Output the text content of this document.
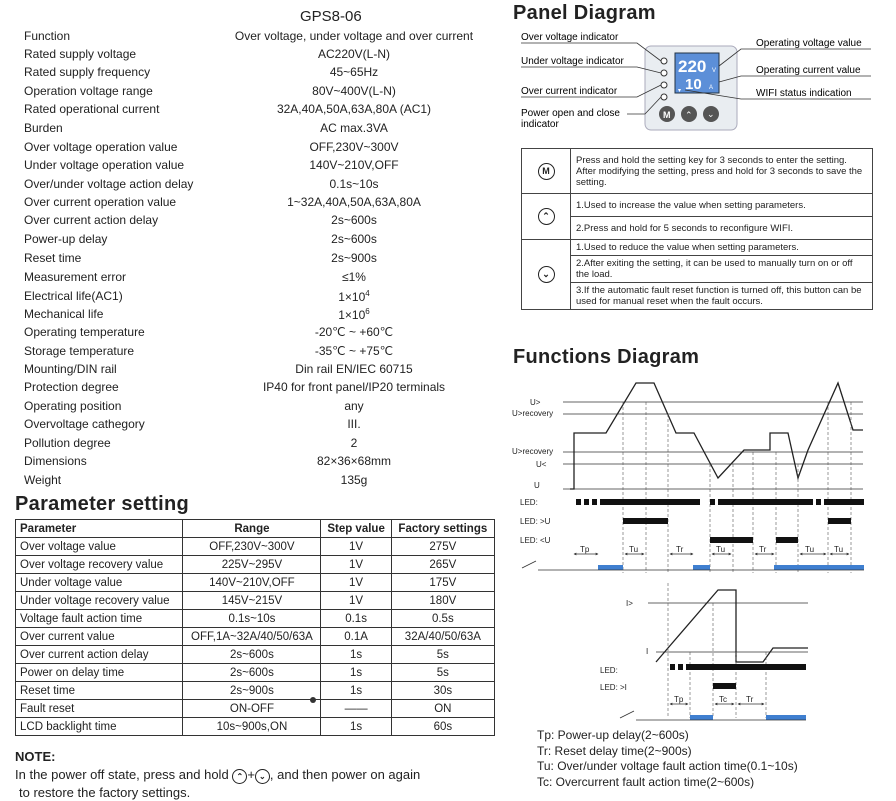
GPS8-06
Function	Over voltage, under voltage and over current
Rated supply voltage	AC220V(L-N)
Rated supply frequency	45~65Hz
Operation voltage range	80V~400V(L-N)
Rated operational current	32A,40A,50A,63A,80A (AC1)
Burden	AC max.3VA
Over voltage operation value	OFF,230V~300V
Under voltage operation value	140V~210V,OFF
Over/under voltage action delay	0.1s~10s
Over current operation value	1~32A,40A,50A,63A,80A
Over current action delay	2s~600s
Power-up delay	2s~600s
Reset time	2s~900s
Measurement error	≤1%
Electrical life(AC1)	$1\times 10^4$
Mechanical life	$1\times 10^6$
Operating temperature	-20℃ ~ +60℃
Storage temperature	-35℃ ~ +75℃
Mounting/DIN rail	Din rail EN/IEC 60715
Protection degree	IP40 for front panel/IP20 terminals
Operating position	any
Overvoltage cathegory	III.
Pollution degree	2
Dimensions	82×36×68mm
Weight	135g
Parameter setting
Parameter	Range	Step value	Factory settings
Over voltage value	OFF,230V~300V	1V	275V
Over voltage recovery value	225V~295V	1V	265V
Under voltage value	140V~210V,OFF	1V	175V
Under voltage recovery value	145V~215V	1V	180V
Voltage fault action time	0.1s~10s	0.1s	0.5s
Over current value	OFF,1A~32A/40/50/63A	0.1A	32A/40/50/63A
Over current action delay	2s~600s	1s	5s
Power on delay time	2s~600s	1s	5s
Reset time	2s~900s	1s	30s
Fault reset	ON-OFF	——	ON
LCD backlight time	10s~900s,ON	1s	60s
NOTE:
In the power off state, press and hold ⌃ + ⌄ , and then power on again
to restore the factory settings.
Panel Diagram
220 V
10 A
▾
M ⌃ ⌄
Over voltage indicator
Under voltage indicator
Over current indicator
Power open and close
indicator
Operating voltage value
Operating current value
WIFI status indication
M	Press and hold the setting key for 3 seconds to enter the setting. After modifying the setting, press and hold for 3 seconds to save the setting.
⌃	1.Used to increase the value when setting parameters.
	2.Press and hold for 5 seconds to reconfigure WIFI.
⌄	1.Used to reduce the value when setting parameters.
	2.After exiting the setting, it can be used to manually turn on or off the load.
	3.If the automatic fault reset function is turned off, this button can be used for manual reset when the fault occurs.
Functions Diagram
U>
U>recovery
U>recovery
U<
U
LED:
LED: >U
LED: <U
Tp	Tu	Tr	Tu	Tr	Tu Tu
I>
I
LED:
LED: >I
Tp	Tc Tr
Tp: Power-up delay(2~600s)
Tr: Reset delay time(2~900s)
Tu: Over/under voltage fault action time(0.1~10s)
Tc: Overcurrent fault action time(2~600s)
